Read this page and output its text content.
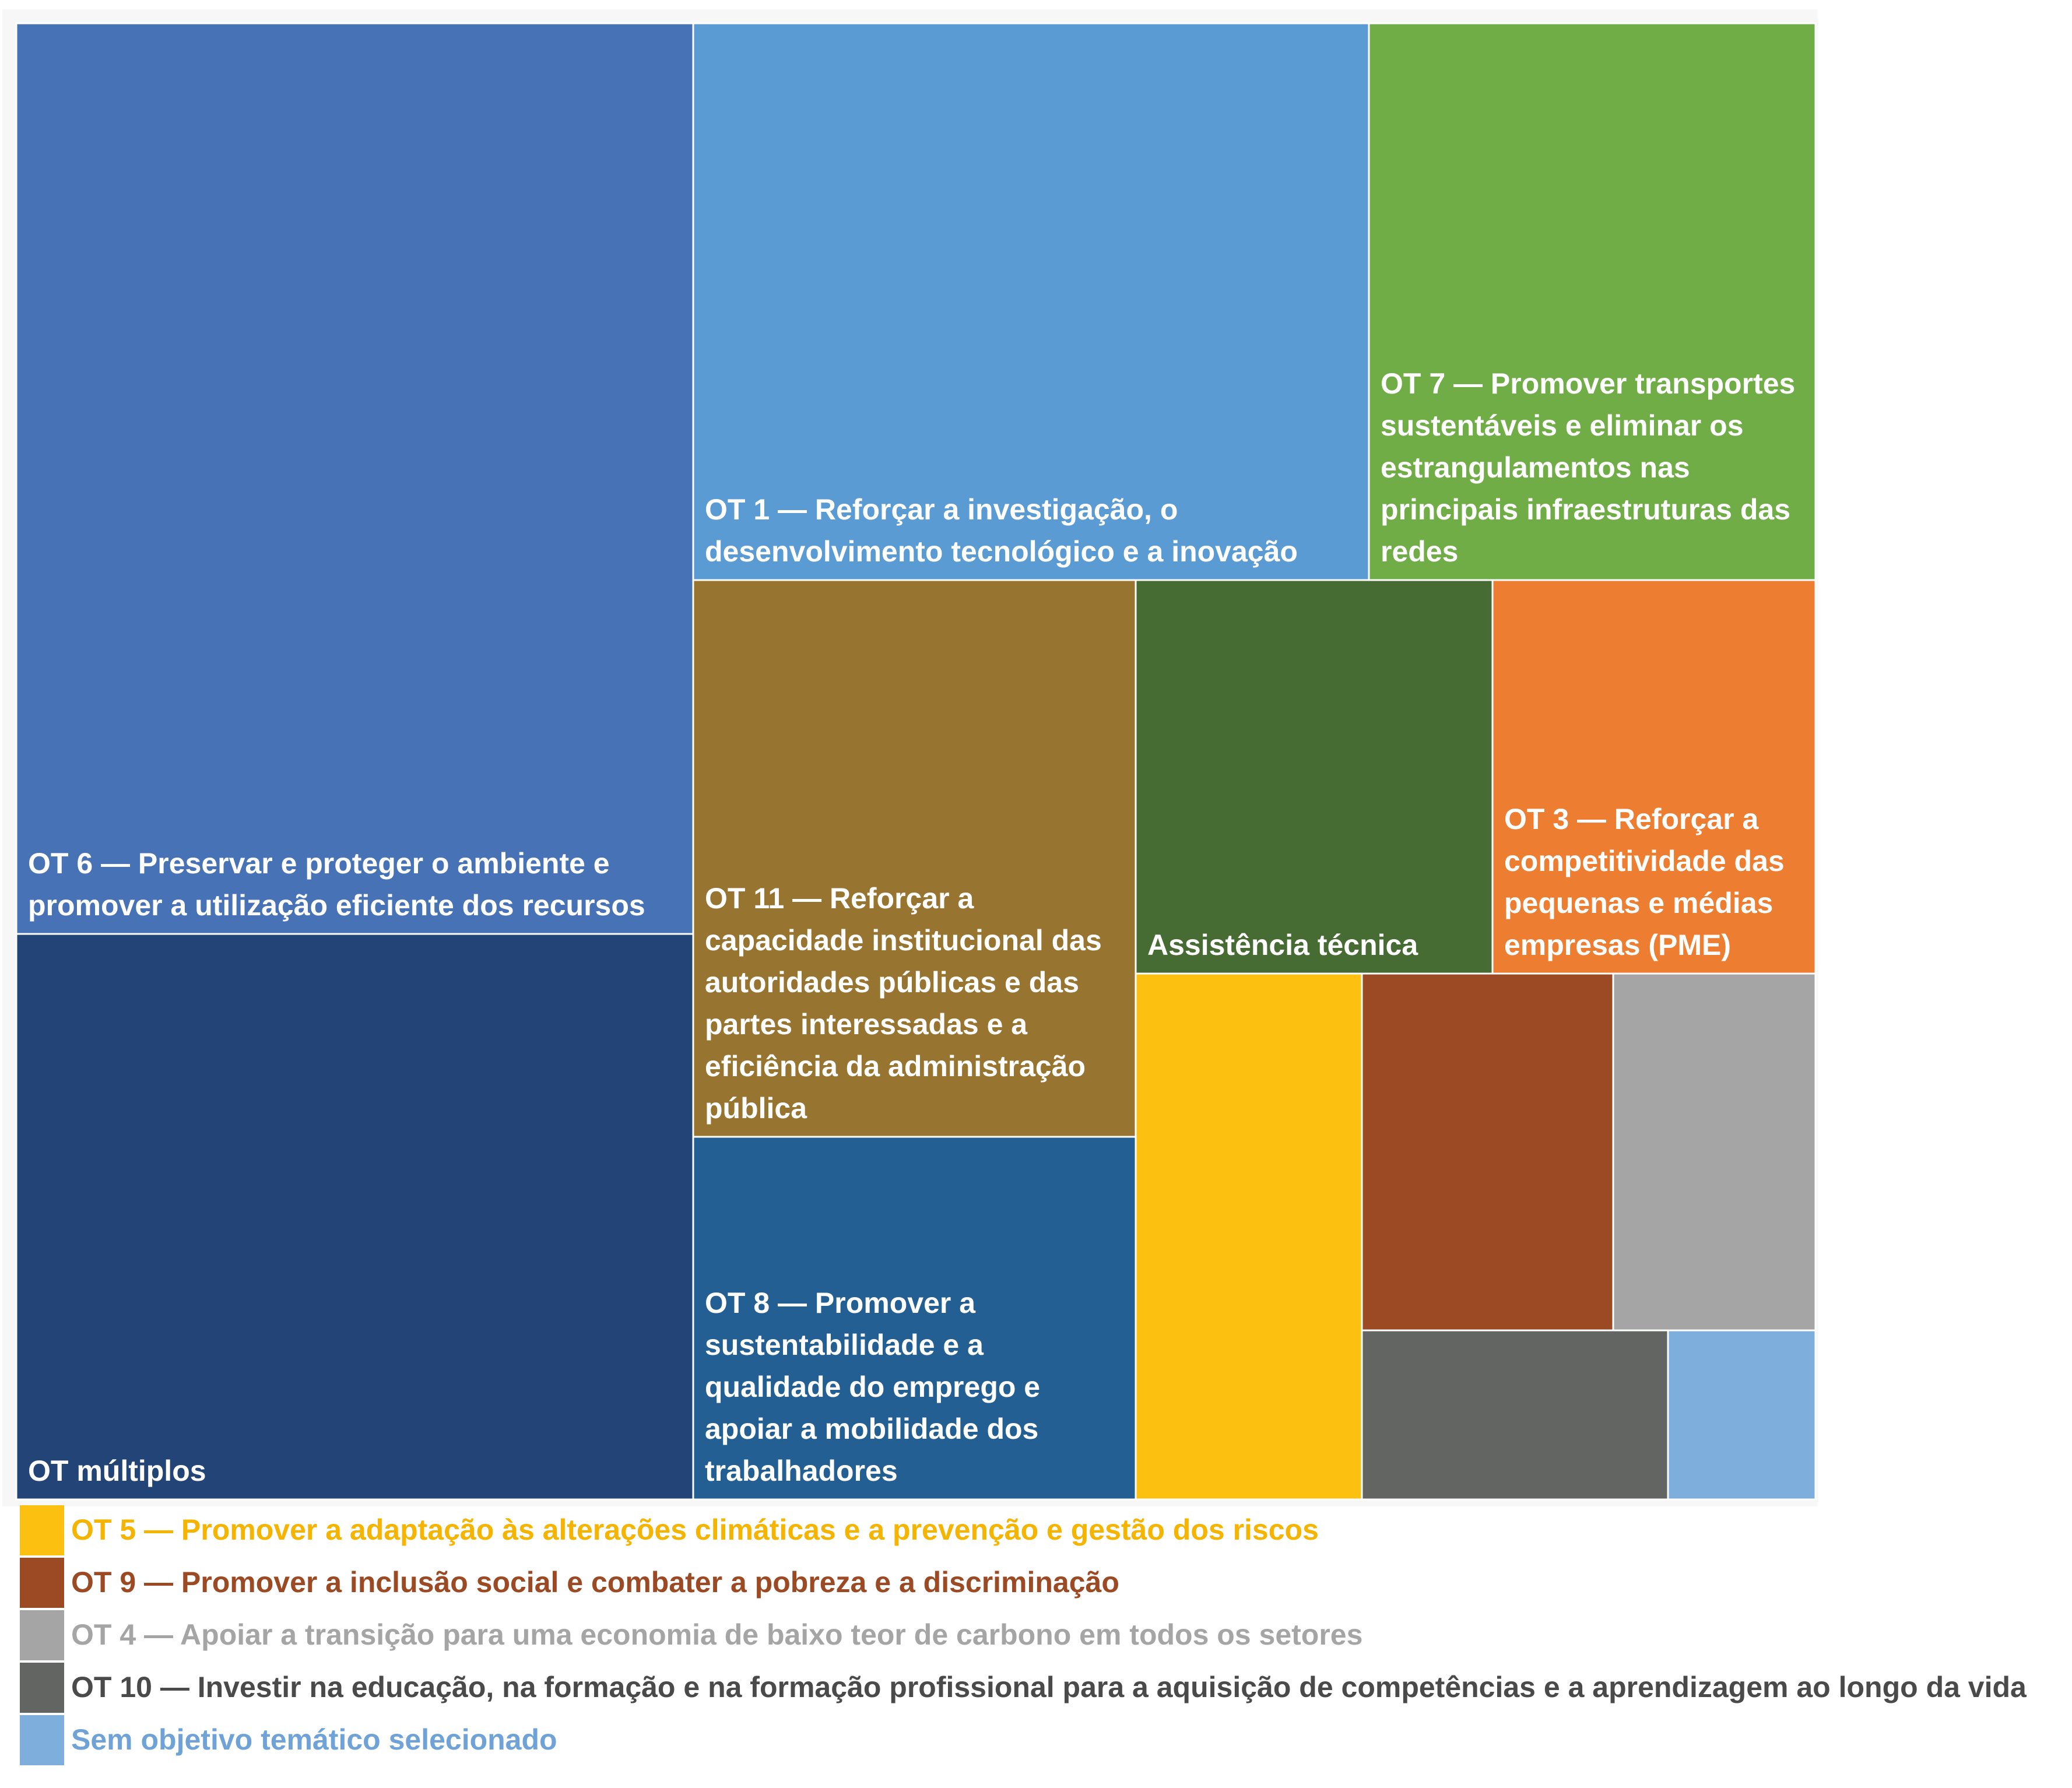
OT 6 — Preservar e proteger o ambiente e promover a utilização eficiente dos recursos
OT múltiplos
OT 1 — Reforçar a investigação, o desenvolvimento tecnológico e a inovação
OT 7 — Promover transportes sustentáveis e eliminar os estrangulamentos nas principais infraestruturas das redes
OT 11 — Reforçar a capacidade institucional das autoridades públicas e das partes interessadas e a eficiência da administração pública
OT 8 — Promover a sustentabilidade e a qualidade do emprego e apoiar a mobilidade dos trabalhadores
Assistência técnica
OT 3 — Reforçar a competitividade das pequenas e médias empresas (PME)
OT 5 — Promover a adaptação às alterações climáticas e a prevenção e gestão dos riscos
OT 9 — Promover a inclusão social e combater a pobreza e a discriminação
OT 4 — Apoiar a transição para uma economia de baixo teor de carbono em todos os setores
OT 10 — Investir na educação, na formação e na formação profissional para a aquisição de competências e a aprendizagem ao longo da vida
Sem objetivo temático selecionado
